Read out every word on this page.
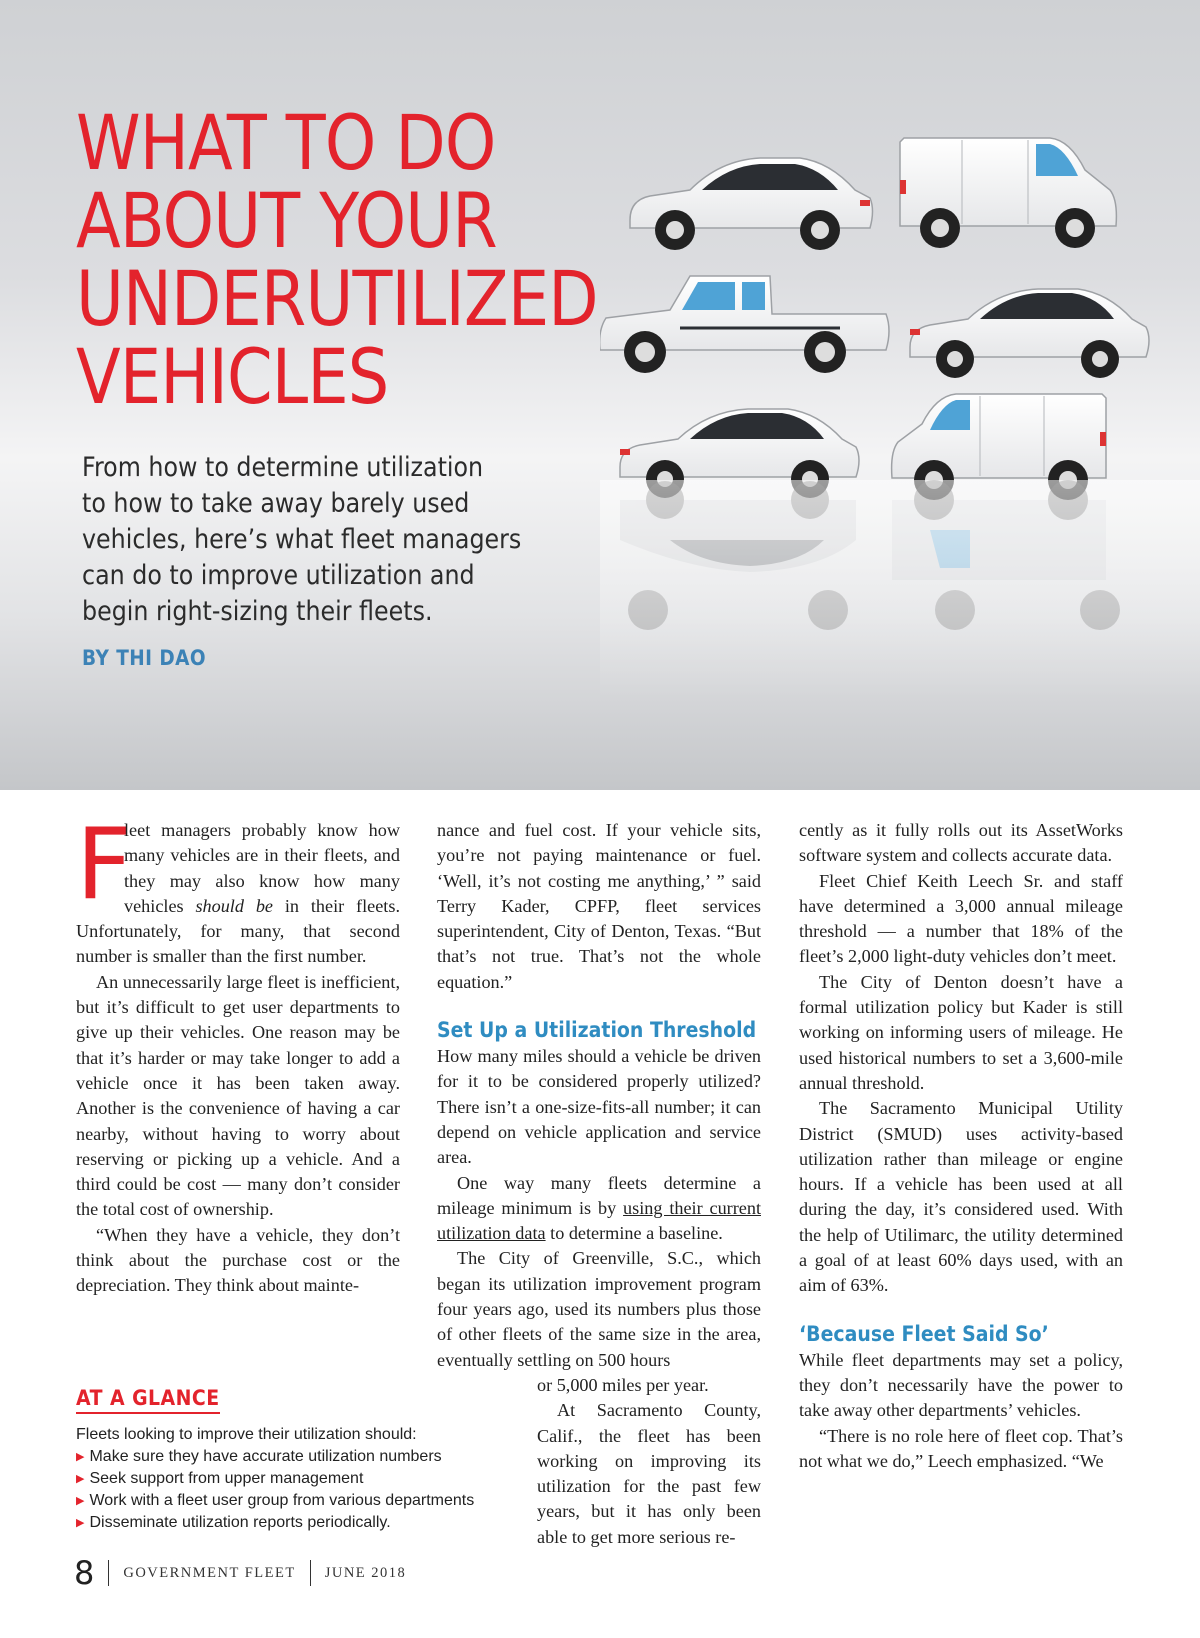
WHAT TO DO
ABOUT YOUR
UNDERUTILIZED
VEHICLES
From how to determine utilization
to how to take away barely used
vehicles, here’s what fleet managers
can do to improve utilization and
begin right-sizing their fleets.
BY THI DAO

F
leet managers probably know how many vehicles are in their fleets, and they may also know how many vehicles should be in their fleets. Unfortunately, for many, that second number is smaller than the first number.

An unnecessarily large fleet is inefficient, but it’s difficult to get user departments to give up their vehicles. One reason may be that it’s harder or may take longer to add a vehicle once it has been taken away. Another is the convenience of having a car nearby, without having to worry about reserving or picking up a vehicle. And a third could be cost — many don’t consider the total cost of ownership.

“When they have a vehicle, they don’t think about the purchase cost or the depreciation. They think about mainte-

nance and fuel cost. If your vehicle sits, you’re not paying maintenance or fuel. ‘Well, it’s not costing me anything,’ ” said Terry Kader, CPFP, fleet services superintendent, City of Denton, Texas. “But that’s not true. That’s not the whole equation.”

Set Up a Utilization Threshold

How many miles should a vehicle be driven for it to be considered properly utilized? There isn’t a one-size-fits-all number; it can depend on vehicle application and service area.

One way many fleets determine a mileage minimum is by using their current utilization data to determine a baseline.

The City of Greenville, S.C., which began its utilization improvement program four years ago, used its numbers plus those of other fleets of the same size in the area, eventually settling on 500 hours

or 5,000 miles per year.

At Sacramento County, Calif., the fleet has been working on improving its utilization for the past few years, but it has only been able to get more serious re-

cently as it fully rolls out its AssetWorks software system and collects accurate data.

Fleet Chief Keith Leech Sr. and staff have determined a 3,000 annual mileage threshold — a number that 18% of the fleet’s 2,000 light-duty vehicles don’t meet.

The City of Denton doesn’t have a formal utilization policy but Kader is still working on informing users of mileage. He used historical numbers to set a 3,600-mile annual threshold.

The Sacramento Municipal Utility District (SMUD) uses activity-based utilization rather than mileage or engine hours. If a vehicle has been used at all during the day, it’s considered used. With the help of Utilimarc, the utility determined a goal of at least 60% days used, with an aim of 63%.

‘Because Fleet Said So’

While fleet departments may set a policy, they don’t necessarily have the power to take away other departments’ vehicles.

“There is no role here of fleet cop. That’s not what we do,” Leech emphasized. “We

AT A GLANCE
Fleets looking to improve their utilization should:
▶ Make sure they have accurate utilization numbers
▶ Seek support from upper management
▶ Work with a fleet user group from various departments
▶ Disseminate utilization reports periodically.
8 GOVERNMENT FLEET JUNE 2018
